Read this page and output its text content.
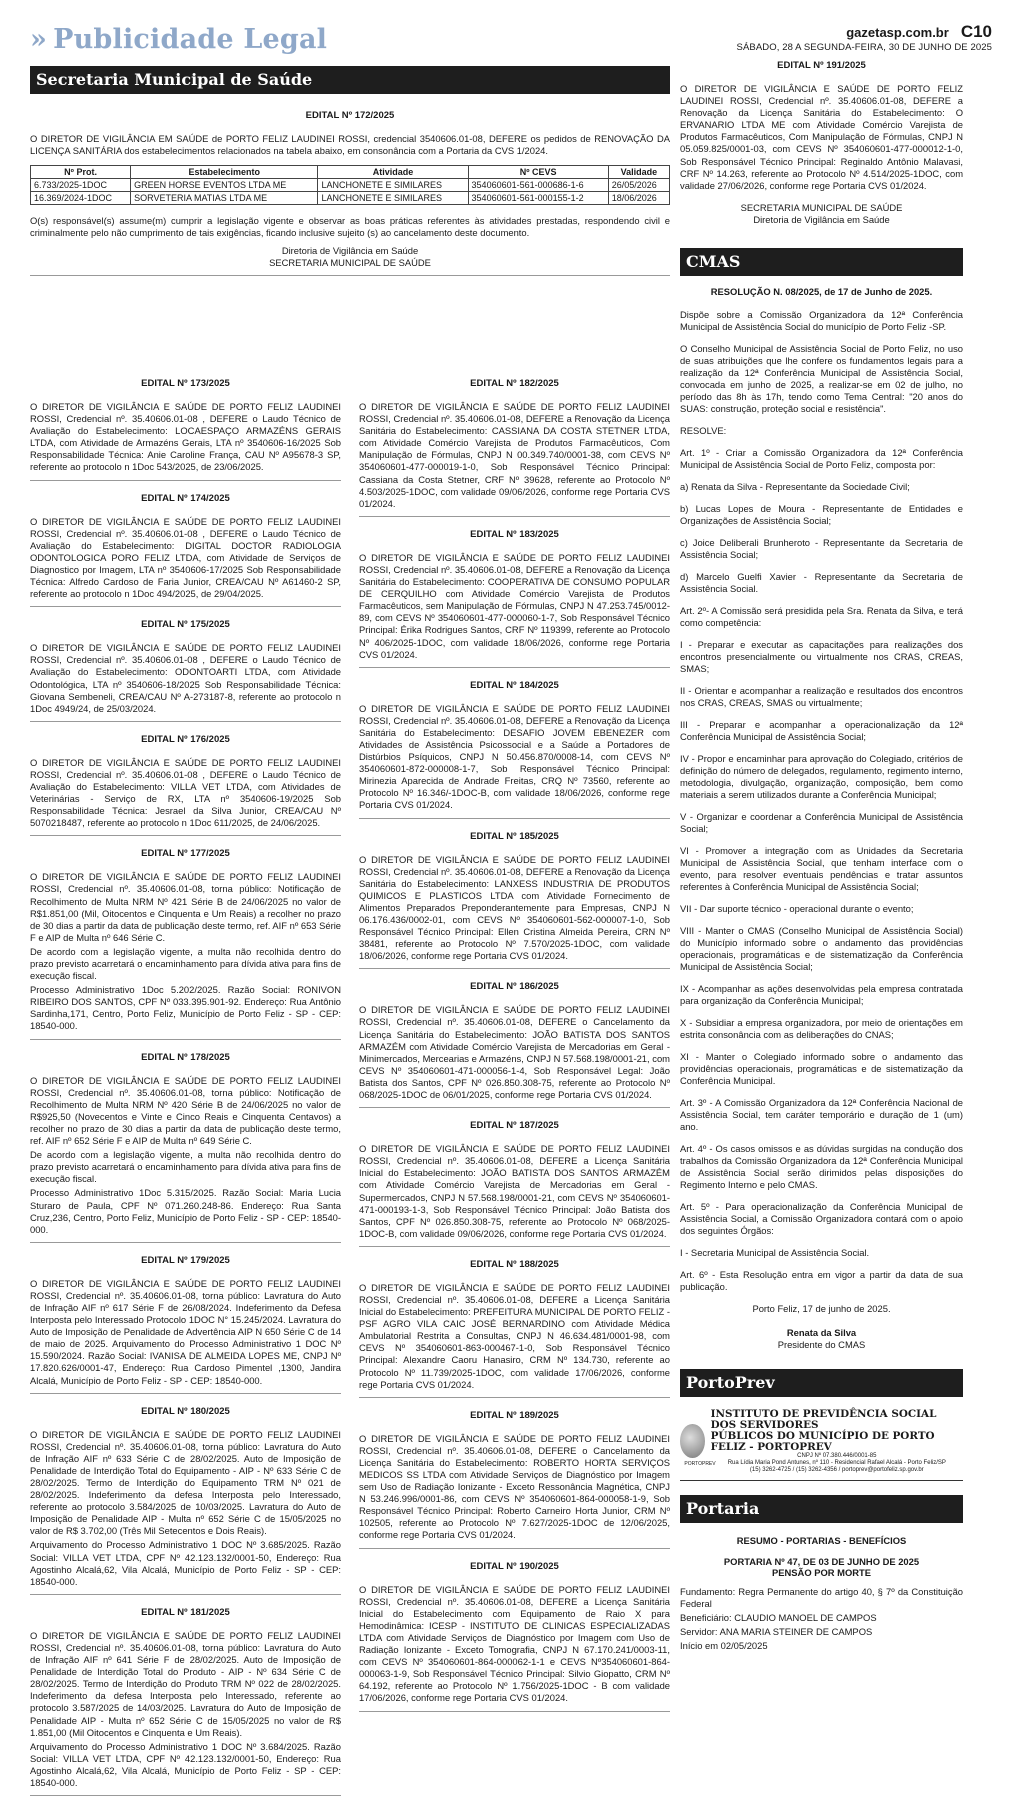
» Publicidade Legal	gazetasp.com.br C10
SÁBADO, 28 A SEGUNDA-FEIRA, 30 DE JUNHO DE 2025
Secretaria Municipal de Saúde
EDITAL Nº 172/2025

O DIRETOR DE VIGILÂNCIA EM SAÚDE de PORTO FELIZ LAUDINEI ROSSI, credencial 3540606.01-08, DEFERE os pedidos de RENOVAÇÃO DA LICENÇA SANITÁRIA dos estabelecimentos relacionados na tabela abaixo, em consonância com a Portaria da CVS 1/2024.

Nº Prot.	Estabelecimento	Atividade	Nº CEVS	Validade
6.733/2025-1DOC	GREEN HORSE EVENTOS LTDA ME	LANCHONETE E SIMILARES	354060601-561-000686-1-6	26/05/2026
16.369/2024-1DOC	SORVETERIA MATIAS LTDA ME	LANCHONETE E SIMILARES	354060601-561-000155-1-2	18/06/2026

O(s) responsável(s) assume(m) cumprir a legislação vigente e observar as boas práticas referentes às atividades prestadas, respondendo civil e criminalmente pelo não cumprimento de tais exigências, ficando inclusive sujeito (s) ao cancelamento deste documento.

Diretoria de Vigilância em Saúde

SECRETARIA MUNICIPAL DE SAÚDE

EDITAL Nº 173/2025

O DIRETOR DE VIGILÂNCIA E SAÚDE DE PORTO FELIZ LAUDINEI ROSSI, Credencial nº. 35.40606.01-08 , DEFERE o Laudo Técnico de Avaliação do Estabelecimento: LOCAESPAÇO ARMAZÉNS GERAIS LTDA, com Atividade de Armazéns Gerais, LTA nº 3540606-16/2025 Sob Responsabilidade Técnica: Anie Caroline França, CAU Nº A95678-3 SP, referente ao protocolo n 1Doc 543/2025, de 23/06/2025.

EDITAL Nº 174/2025

O DIRETOR DE VIGILÂNCIA E SAÚDE DE PORTO FELIZ LAUDINEI ROSSI, Credencial nº. 35.40606.01-08 , DEFERE o Laudo Técnico de Avaliação do Estabelecimento: DIGITAL DOCTOR RADIOLOGIA ODONTOLOGICA PORO FELIZ LTDA, com Atividade de Serviços de Diagnostico por Imagem, LTA nº 3540606-17/2025 Sob Responsabilidade Técnica: Alfredo Cardoso de Faria Junior, CREA/CAU Nº A61460-2 SP, referente ao protocolo n 1Doc 494/2025, de 29/04/2025.

EDITAL Nº 175/2025

O DIRETOR DE VIGILÂNCIA E SAÚDE DE PORTO FELIZ LAUDINEI ROSSI, Credencial nº. 35.40606.01-08 , DEFERE o Laudo Técnico de Avaliação do Estabelecimento: ODONTOARTI LTDA, com Atividade Odontológica, LTA nº 3540606-18/2025 Sob Responsabilidade Técnica: Giovana Sembeneli, CREA/CAU Nº A-273187-8, referente ao protocolo n 1Doc 4949/24, de 25/03/2024.

EDITAL Nº 176/2025

O DIRETOR DE VIGILÂNCIA E SAÚDE DE PORTO FELIZ LAUDINEI ROSSI, Credencial nº. 35.40606.01-08 , DEFERE o Laudo Técnico de Avaliação do Estabelecimento: VILLA VET LTDA, com Atividades de Veterinárias - Serviço de RX, LTA nº 3540606-19/2025 Sob Responsabilidade Técnica: Jesrael da Silva Junior, CREA/CAU Nº 5070218487, referente ao protocolo n 1Doc 611/2025, de 24/06/2025.

EDITAL Nº 177/2025

O DIRETOR DE VIGILÂNCIA E SAÚDE DE PORTO FELIZ LAUDINEI ROSSI, Credencial nº. 35.40606.01-08, torna público: Notificação de Recolhimento de Multa NRM Nº 421 Série B de 24/06/2025 no valor de R$1.851,00 (Mil, Oitocentos e Cinquenta e Um Reais) a recolher no prazo de 30 dias a partir da data de publicação deste termo, ref. AIF nº 653 Série F e AIP de Multa nº 646 Série C.

De acordo com a legislação vigente, a multa não recolhida dentro do prazo previsto acarretará o encaminhamento para dívida ativa para fins de execução fiscal.

Processo Administrativo 1Doc 5.202/2025. Razão Social: RONIVON RIBEIRO DOS SANTOS, CPF Nº 033.395.901-92. Endereço: Rua Antônio Sardinha,171, Centro, Porto Feliz, Município de Porto Feliz - SP - CEP: 18540-000.

EDITAL Nº 178/2025

O DIRETOR DE VIGILÂNCIA E SAÚDE DE PORTO FELIZ LAUDINEI ROSSI, Credencial nº. 35.40606.01-08, torna público: Notificação de Recolhimento de Multa NRM Nº 420 Série B de 24/06/2025 no valor de R$925,50 (Novecentos e Vinte e Cinco Reais e Cinquenta Centavos) a recolher no prazo de 30 dias a partir da data de publicação deste termo, ref. AIF nº 652 Série F e AIP de Multa nº 649 Série C.

De acordo com a legislação vigente, a multa não recolhida dentro do prazo previsto acarretará o encaminhamento para dívida ativa para fins de execução fiscal.

Processo Administrativo 1Doc 5.315/2025. Razão Social: Maria Lucia Sturaro de Paula, CPF Nº 071.260.248-86. Endereço: Rua Santa Cruz,236, Centro, Porto Feliz, Município de Porto Feliz - SP - CEP: 18540-000.

EDITAL Nº 179/2025

O DIRETOR DE VIGILÂNCIA E SAÚDE DE PORTO FELIZ LAUDINEI ROSSI, Credencial nº. 35.40606.01-08, torna público: Lavratura do Auto de Infração AIF nº 617 Série F de 26/08/2024. Indeferimento da Defesa Interposta pelo Interessado Protocolo 1DOC N° 15.245/2024. Lavratura do Auto de Imposição de Penalidade de Advertência AIP N 650 Série C de 14 de maio de 2025. Arquivamento do Processo Administrativo 1 DOC Nº 15.590/2024. Razão Social: IVANISA DE ALMEIDA LOPES ME, CNPJ Nº 17.820.626/0001-47, Endereço: Rua Cardoso Pimentel ,1300, Jandira Alcalá, Município de Porto Feliz - SP - CEP: 18540-000.

EDITAL Nº 180/2025

O DIRETOR DE VIGILÂNCIA E SAÚDE DE PORTO FELIZ LAUDINEI ROSSI, Credencial nº. 35.40606.01-08, torna público: Lavratura do Auto de Infração AIF nº 633 Série C de 28/02/2025. Auto de Imposição de Penalidade de Interdição Total do Equipamento - AIP - Nº 633 Série C de 28/02/2025. Termo de Interdição do Equipamento TRM Nº 021 de 28/02/2025. Indeferimento da defesa Interposta pelo Interessado, referente ao protocolo 3.584/2025 de 10/03/2025. Lavratura do Auto de Imposição de Penalidade AIP - Multa nº 652 Série C de 15/05/2025 no valor de R$ 3.702,00 (Três Mil Setecentos e Dois Reais).

Arquivamento do Processo Administrativo 1 DOC Nº 3.685/2025. Razão Social: VILLA VET LTDA, CPF Nº 42.123.132/0001-50, Endereço: Rua Agostinho Alcalá,62, Vila Alcalá, Município de Porto Feliz - SP - CEP: 18540-000.

EDITAL Nº 181/2025

O DIRETOR DE VIGILÂNCIA E SAÚDE DE PORTO FELIZ LAUDINEI ROSSI, Credencial nº. 35.40606.01-08, torna público: Lavratura do Auto de Infração AIF nº 641 Série F de 28/02/2025. Auto de Imposição de Penalidade de Interdição Total do Produto - AIP - Nº 634 Série C de 28/02/2025. Termo de Interdição do Produto TRM Nº 022 de 28/02/2025. Indeferimento da defesa Interposta pelo Interessado, referente ao protocolo 3.587/2025 de 14/03/2025. Lavratura do Auto de Imposição de Penalidade AIP - Multa nº 652 Série C de 15/05/2025 no valor de R$ 1.851,00 (Mil Oitocentos e Cinquenta e Um Reais).

Arquivamento do Processo Administrativo 1 DOC Nº 3.684/2025. Razão Social: VILLA VET LTDA, CPF Nº 42.123.132/0001-50, Endereço: Rua Agostinho Alcalá,62, Vila Alcalá, Município de Porto Feliz - SP - CEP: 18540-000.

EDITAL Nº 182/2025

O DIRETOR DE VIGILÂNCIA E SAÚDE DE PORTO FELIZ LAUDINEI ROSSI, Credencial nº. 35.40606.01-08, DEFERE a Renovação da Licença Sanitária do Estabelecimento: CASSIANA DA COSTA STETNER LTDA, com Atividade Comércio Varejista de Produtos Farmacêuticos, Com Manipulação de Fórmulas, CNPJ N 00.349.740/0001-38, com CEVS Nº 354060601-477-000019-1-0, Sob Responsável Técnico Principal: Cassiana da Costa Stetner, CRF Nº 39628, referente ao Protocolo Nº 4.503/2025-1DOC, com validade 09/06/2026, conforme rege Portaria CVS 01/2024.

EDITAL Nº 183/2025

O DIRETOR DE VIGILÂNCIA E SAÚDE DE PORTO FELIZ LAUDINEI ROSSI, Credencial nº. 35.40606.01-08, DEFERE a Renovação da Licença Sanitária do Estabelecimento: COOPERATIVA DE CONSUMO POPULAR DE CERQUILHO com Atividade Comércio Varejista de Produtos Farmacêuticos, sem Manipulação de Fórmulas, CNPJ N 47.253.745/0012-89, com CEVS Nº 354060601-477-000060-1-7, Sob Responsável Técnico Principal: Érika Rodrigues Santos, CRF Nº 119399, referente ao Protocolo Nº 406/2025-1DOC, com validade 18/06/2026, conforme rege Portaria CVS 01/2024.

EDITAL Nº 184/2025

O DIRETOR DE VIGILÂNCIA E SAÚDE DE PORTO FELIZ LAUDINEI ROSSI, Credencial nº. 35.40606.01-08, DEFERE a Renovação da Licença Sanitária do Estabelecimento: DESAFIO JOVEM EBENEZER com Atividades de Assistência Psicossocial e a Saúde a Portadores de Distúrbios Psíquicos, CNPJ N 50.456.870/0008-14, com CEVS Nº 354060601-872-000008-1-7, Sob Responsável Técnico Principal: Mirinezia Aparecida de Andrade Freitas, CRQ Nº 73560, referente ao Protocolo Nº 16.346/-1DOC-B, com validade 18/06/2026, conforme rege Portaria CVS 01/2024.

EDITAL Nº 185/2025

O DIRETOR DE VIGILÂNCIA E SAÚDE DE PORTO FELIZ LAUDINEI ROSSI, Credencial nº. 35.40606.01-08, DEFERE a Renovação da Licença Sanitária do Estabelecimento: LANXESS INDUSTRIA DE PRODUTOS QUIMICOS E PLASTICOS LTDA com Atividade Fornecimento de Alimentos Preparados Preponderantemente para Empresas, CNPJ N 06.176.436/0002-01, com CEVS Nº 354060601-562-000007-1-0, Sob Responsável Técnico Principal: Ellen Cristina Almeida Pereira, CRN Nº 38481, referente ao Protocolo Nº 7.570/2025-1DOC, com validade 18/06/2026, conforme rege Portaria CVS 01/2024.

EDITAL Nº 186/2025

O DIRETOR DE VIGILÂNCIA E SAÚDE DE PORTO FELIZ LAUDINEI ROSSI, Credencial nº. 35.40606.01-08, DEFERE o Cancelamento da Licença Sanitária do Estabelecimento: JOÃO BATISTA DOS SANTOS ARMAZÉM com Atividade Comércio Varejista de Mercadorias em Geral - Minimercados, Mercearias e Armazéns, CNPJ N 57.568.198/0001-21, com CEVS Nº 354060601-471-000056-1-4, Sob Responsável Legal: João Batista dos Santos, CPF Nº 026.850.308-75, referente ao Protocolo Nº 068/2025-1DOC de 06/01/2025, conforme rege Portaria CVS 01/2024.

EDITAL Nº 187/2025

O DIRETOR DE VIGILÂNCIA E SAÚDE DE PORTO FELIZ LAUDINEI ROSSI, Credencial nº. 35.40606.01-08, DEFERE a Licença Sanitária Inicial do Estabelecimento: JOÃO BATISTA DOS SANTOS ARMAZÉM com Atividade Comércio Varejista de Mercadorias em Geral - Supermercados, CNPJ N 57.568.198/0001-21, com CEVS Nº 354060601-471-000193-1-3, Sob Responsável Técnico Principal: João Batista dos Santos, CPF Nº 026.850.308-75, referente ao Protocolo Nº 068/2025-1DOC-B, com validade 09/06/2026, conforme rege Portaria CVS 01/2024.

EDITAL Nº 188/2025

O DIRETOR DE VIGILÂNCIA E SAÚDE DE PORTO FELIZ LAUDINEI ROSSI, Credencial nº. 35.40606.01-08, DEFERE a Licença Sanitária Inicial do Estabelecimento: PREFEITURA MUNICIPAL DE PORTO FELIZ - PSF AGRO VILA CAIC JOSÉ BERNARDINO com Atividade Médica Ambulatorial Restrita a Consultas, CNPJ N 46.634.481/0001-98, com CEVS Nº 354060601-863-000467-1-0, Sob Responsável Técnico Principal: Alexandre Caoru Hanasiro, CRM Nº 134.730, referente ao Protocolo Nº 11.739/2025-1DOC, com validade 17/06/2026, conforme rege Portaria CVS 01/2024.

EDITAL Nº 189/2025

O DIRETOR DE VIGILÂNCIA E SAÚDE DE PORTO FELIZ LAUDINEI ROSSI, Credencial nº. 35.40606.01-08, DEFERE o Cancelamento da Licença Sanitária do Estabelecimento: ROBERTO HORTA SERVIÇOS MEDICOS SS LTDA com Atividade Serviços de Diagnóstico por Imagem sem Uso de Radiação Ionizante - Exceto Ressonância Magnética, CNPJ N 53.246.996/0001-86, com CEVS Nº 354060601-864-000058-1-9, Sob Responsável Técnico Principal: Roberto Carneiro Horta Junior, CRM Nº 102505, referente ao Protocolo Nº 7.627/2025-1DOC de 12/06/2025, conforme rege Portaria CVS 01/2024.

EDITAL Nº 190/2025

O DIRETOR DE VIGILÂNCIA E SAÚDE DE PORTO FELIZ LAUDINEI ROSSI, Credencial nº. 35.40606.01-08, DEFERE a Licença Sanitária Inicial do Estabelecimento com Equipamento de Raio X para Hemodinâmica: ICESP - INSTITUTO DE CLINICAS ESPECIALIZADAS LTDA com Atividade Serviços de Diagnóstico por Imagem com Uso de Radiação Ionizante - Exceto Tomografia, CNPJ N 67.170.241/0003-11, com CEVS Nº 354060601-864-000062-1-1 e CEVS Nº354060601-864-000063-1-9, Sob Responsável Técnico Principal: Silvio Giopatto, CRM Nº 64.192, referente ao Protocolo Nº 1.756/2025-1DOC - B com validade 17/06/2026, conforme rege Portaria CVS 01/2024.

EDITAL Nº 191/2025

O DIRETOR DE VIGILÂNCIA E SAÚDE DE PORTO FELIZ LAUDINEI ROSSI, Credencial nº. 35.40606.01-08, DEFERE a Renovação da Licença Sanitária do Estabelecimento: O ERVANARIO LTDA ME com Atividade Comércio Varejista de Produtos Farmacêuticos, Com Manipulação de Fórmulas, CNPJ N 05.059.825/0001-03, com CEVS Nº 354060601-477-000012-1-0, Sob Responsável Técnico Principal: Reginaldo Antônio Malavasi, CRF Nº 14.263, referente ao Protocolo Nº 4.514/2025-1DOC, com validade 27/06/2026, conforme rege Portaria CVS 01/2024.

SECRETARIA MUNICIPAL DE SAÚDE

Diretoria de Vigilância em Saúde

CMAS
RESOLUÇÃO N. 08/2025, de 17 de Junho de 2025.

Dispõe sobre a Comissão Organizadora da 12ª Conferência Municipal de Assistência Social do município de Porto Feliz -SP.

O Conselho Municipal de Assistência Social de Porto Feliz, no uso de suas atribuições que lhe confere os fundamentos legais para a realização da 12ª Conferência Municipal de Assistência Social, convocada em junho de 2025, a realizar-se em 02 de julho, no período das 8h às 17h, tendo como Tema Central: "20 anos do SUAS: construção, proteção social e resistência".

RESOLVE:

Art. 1º - Criar a Comissão Organizadora da 12ª Conferência Municipal de Assistência Social de Porto Feliz, composta por:

a) Renata da Silva - Representante da Sociedade Civil;

b) Lucas Lopes de Moura - Representante de Entidades e Organizações de Assistência Social;

c) Joice Deliberali Brunheroto - Representante da Secretaria de Assistência Social;

d) Marcelo Guelfi Xavier - Representante da Secretaria de Assistência Social.

Art. 2º- A Comissão será presidida pela Sra. Renata da Silva, e terá como competência:

I - Preparar e executar as capacitações para realizações dos encontros presencialmente ou virtualmente nos CRAS, CREAS, SMAS;

II - Orientar e acompanhar a realização e resultados dos encontros nos CRAS, CREAS, SMAS ou virtualmente;

III - Preparar e acompanhar a operacionalização da 12ª Conferência Municipal de Assistência Social;

IV - Propor e encaminhar para aprovação do Colegiado, critérios de definição do número de delegados, regulamento, regimento interno, metodologia, divulgação, organização, composição, bem como materiais a serem utilizados durante a Conferência Municipal;

V - Organizar e coordenar a Conferência Municipal de Assistência Social;

VI - Promover a integração com as Unidades da Secretaria Municipal de Assistência Social, que tenham interface com o evento, para resolver eventuais pendências e tratar assuntos referentes à Conferência Municipal de Assistência Social;

VII - Dar suporte técnico - operacional durante o evento;

VIII - Manter o CMAS (Conselho Municipal de Assistência Social) do Município informado sobre o andamento das providências operacionais, programáticas e de sistematização da Conferência Municipal de Assistência Social;

IX - Acompanhar as ações desenvolvidas pela empresa contratada para organização da Conferência Municipal;

X - Subsidiar a empresa organizadora, por meio de orientações em estrita consonância com as deliberações do CNAS;

XI - Manter o Colegiado informado sobre o andamento das providências operacionais, programáticas e de sistematização da Conferência Municipal.

Art. 3º - A Comissão Organizadora da 12ª Conferência Nacional de Assistência Social, tem caráter temporário e duração de 1 (um) ano.

Art. 4º - Os casos omissos e as dúvidas surgidas na condução dos trabalhos da Comissão Organizadora da 12ª Conferência Municipal de Assistência Social serão dirimidos pelas disposições do Regimento Interno e pelo CMAS.

Art. 5º - Para operacionalização da Conferência Municipal de Assistência Social, a Comissão Organizadora contará com o apoio dos seguintes Órgãos:

I - Secretaria Municipal de Assistência Social.

Art. 6º - Esta Resolução entra em vigor a partir da data de sua publicação.

Porto Feliz, 17 de junho de 2025.

Renata da Silva

Presidente do CMAS

PortoPrev
PORTOPREV
INSTITUTO DE PREVIDÊNCIA SOCIAL DOS SERVIDORES
PÚBLICOS DO MUNICÍPIO DE PORTO FELIZ - PORTOPREV
CNPJ Nº 07.380.446/0001-85
Rua Lídia Maria Pond Antunes, nº 110 - Residencial Rafael Alcalá - Porto Feliz/SP
(15) 3262-4725 / (15) 3262-4356 / portoprev@portofeliz.sp.gov.br
Portaria
RESUMO - PORTARIAS - BENEFÍCIOS
PORTARIA Nº 47, DE 03 DE JUNHO DE 2025
PENSÃO POR MORTE

Fundamento: Regra Permanente do artigo 40, § 7º da Constituição Federal

Beneficiário: CLAUDIO MANOEL DE CAMPOS

Servidor: ANA MARIA STEINER DE CAMPOS

Início em 02/05/2025
